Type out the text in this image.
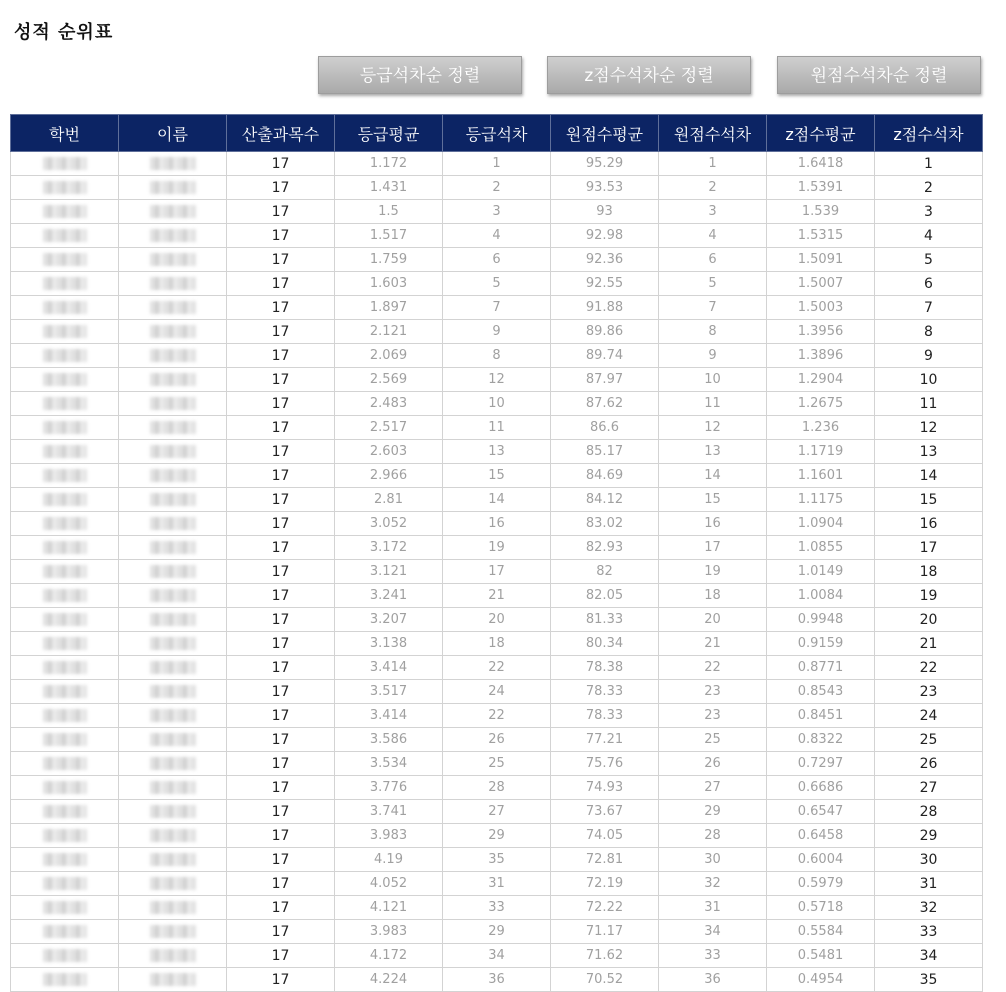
성적 순위표
등급석차순 정렬	z점수석차순 정렬	원점수석차순 정렬
학번	이름	산출과목수	등급평균	등급석차	원점수평균	원점수석차	z점수평균	z점수석차
		17	1.172	1	95.29	1	1.6418	1
		17	1.431	2	93.53	2	1.5391	2
		17	1.5	3	93	3	1.539	3
		17	1.517	4	92.98	4	1.5315	4
		17	1.759	6	92.36	6	1.5091	5
		17	1.603	5	92.55	5	1.5007	6
		17	1.897	7	91.88	7	1.5003	7
		17	2.121	9	89.86	8	1.3956	8
		17	2.069	8	89.74	9	1.3896	9
		17	2.569	12	87.97	10	1.2904	10
		17	2.483	10	87.62	11	1.2675	11
		17	2.517	11	86.6	12	1.236	12
		17	2.603	13	85.17	13	1.1719	13
		17	2.966	15	84.69	14	1.1601	14
		17	2.81	14	84.12	15	1.1175	15
		17	3.052	16	83.02	16	1.0904	16
		17	3.172	19	82.93	17	1.0855	17
		17	3.121	17	82	19	1.0149	18
		17	3.241	21	82.05	18	1.0084	19
		17	3.207	20	81.33	20	0.9948	20
		17	3.138	18	80.34	21	0.9159	21
		17	3.414	22	78.38	22	0.8771	22
		17	3.517	24	78.33	23	0.8543	23
		17	3.414	22	78.33	23	0.8451	24
		17	3.586	26	77.21	25	0.8322	25
		17	3.534	25	75.76	26	0.7297	26
		17	3.776	28	74.93	27	0.6686	27
		17	3.741	27	73.67	29	0.6547	28
		17	3.983	29	74.05	28	0.6458	29
		17	4.19	35	72.81	30	0.6004	30
		17	4.052	31	72.19	32	0.5979	31
		17	4.121	33	72.22	31	0.5718	32
		17	3.983	29	71.17	34	0.5584	33
		17	4.172	34	71.62	33	0.5481	34
		17	4.224	36	70.52	36	0.4954	35
